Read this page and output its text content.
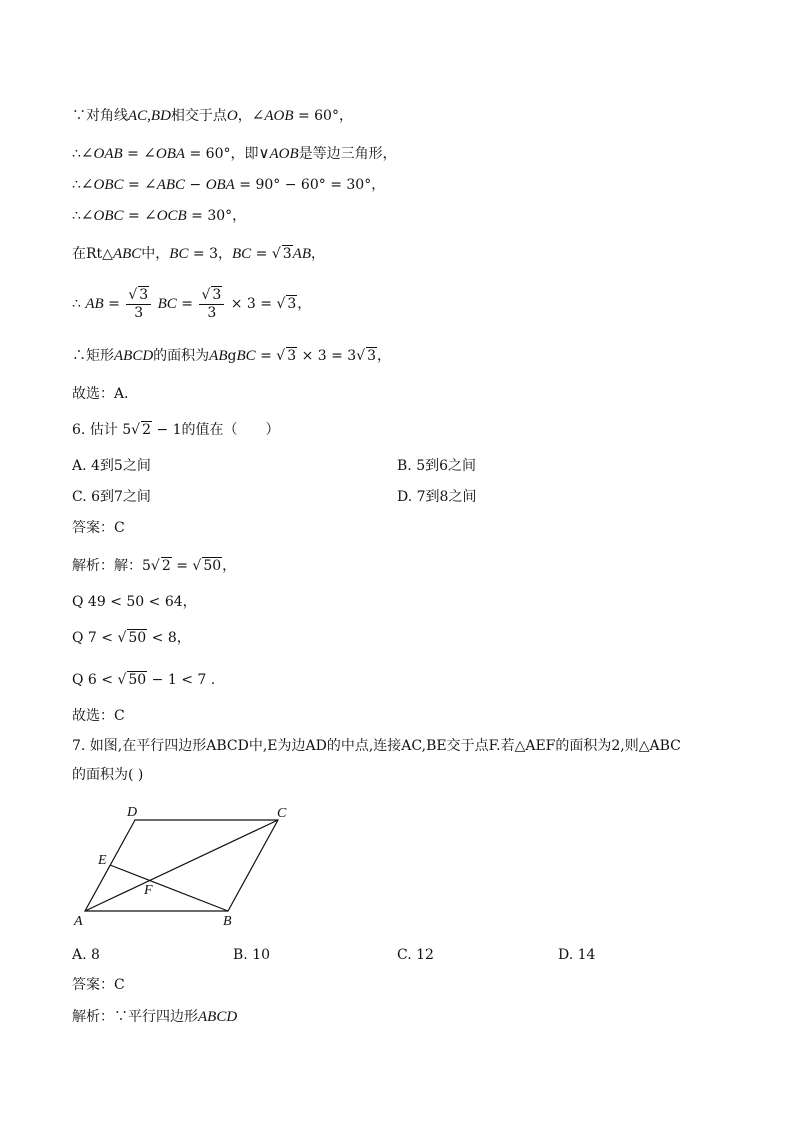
∵对角线AC,BD相交于点O，∠AOB = 60°，
∴∠OAB = ∠OBA = 60°，即∨AOB是等边三角形，
∴∠OBC = ∠ABC − OBA = 90° − 60° = 30°，
∴∠OBC = ∠OCB = 30°，
在Rt△ABC中，BC = 3，BC = √ 3AB，
∴ AB = $\frac{√ 3}{3}$ BC = $\frac{√ 3}{3} \times 3$ = √ 3，
∴矩形ABCD的面积为ABgBC = √ 3 × 3 = 3√ 3，
故选：A．
6. 估计 5√ 2 − 1的值在（　　）
A. 4到5之间	B. 5到6之间
C. 6到7之间	D. 7到8之间
答案：C
解析：解：5√ 2 = √ 50，
Q 49 < 50 < 64，
Q 7 < √ 50 < 8，
Q 6 < √ 50 − 1 < 7 .
故选：C
7. 如图,在平行四边形ABCD中,E为边AD的中点,连接AC,BE交于点F.若△AEF的面积为2,则△ABC
的面积为( )
D	C
E
F
A	B
A. 8	B. 10	C. 12	D. 14
答案：C
解析：∵平行四边形ABCD
